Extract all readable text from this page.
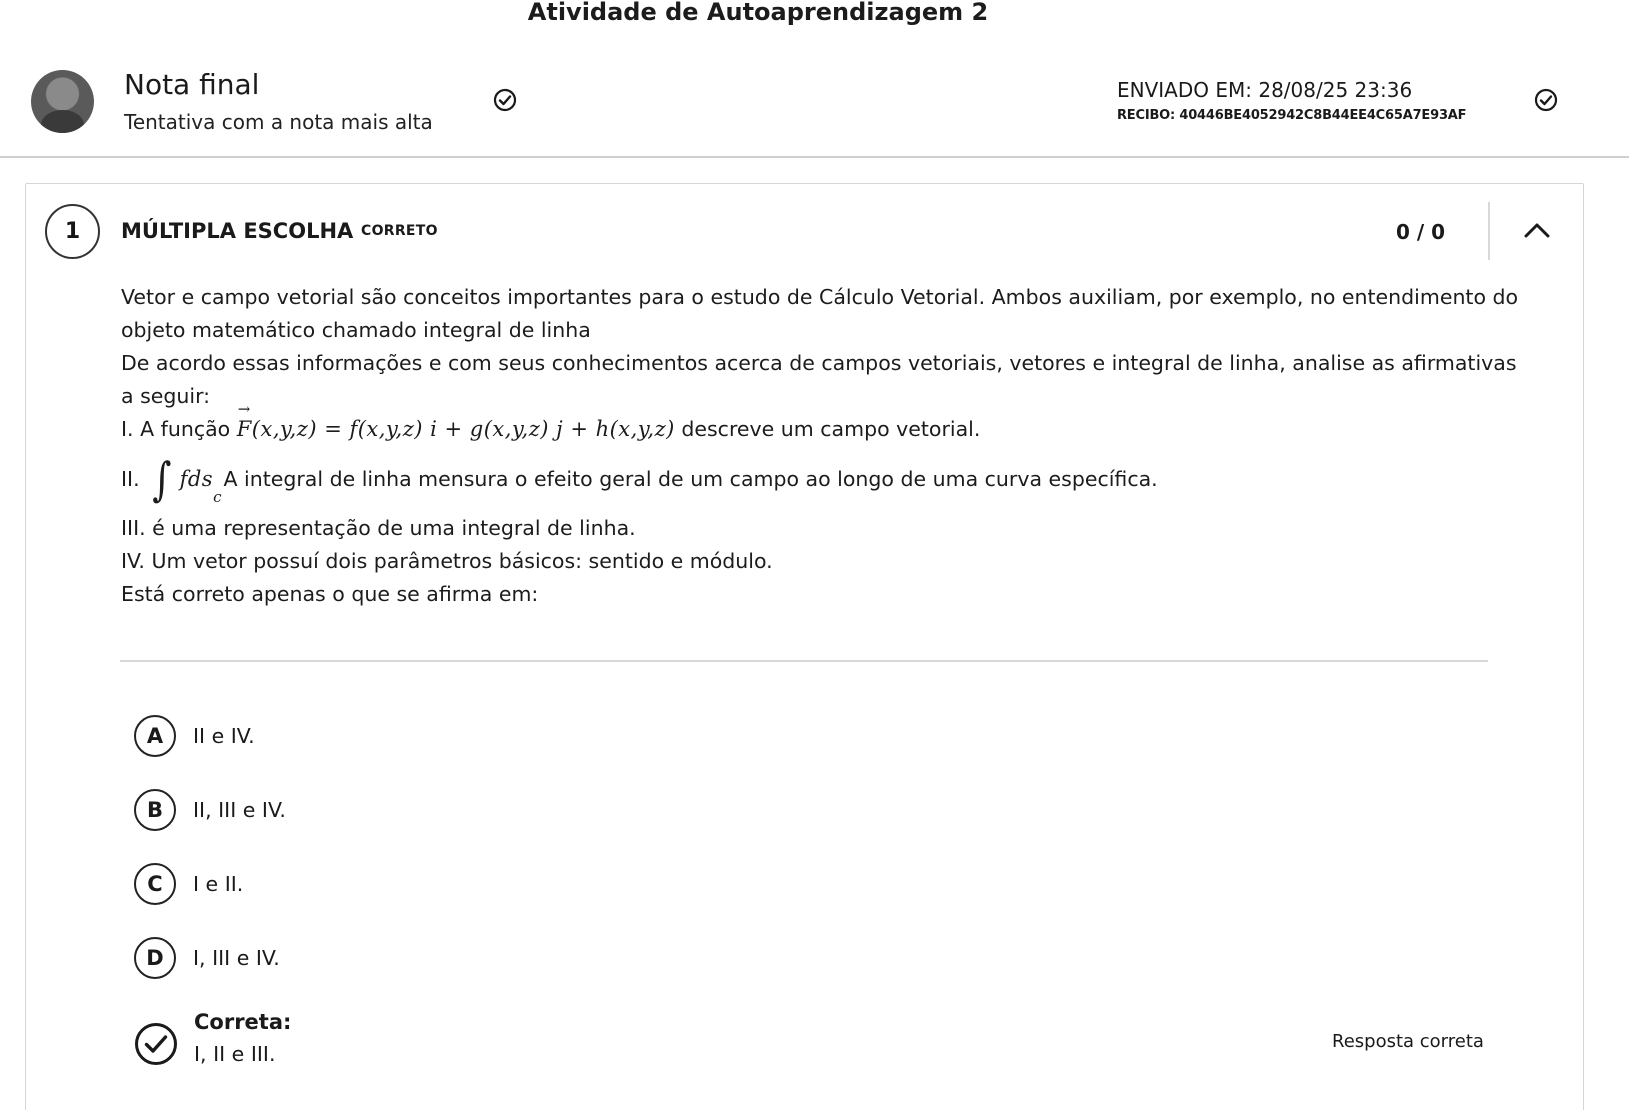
Atividade de Autoaprendizagem 2
Nota final
Tentativa com a nota mais alta
ENVIADO EM: 28/08/25 23:36
RECIBO: 40446BE4052942C8B44EE4C65A7E93AF
1	MÚLTIPLA ESCOLHA CORRETO	0 / 0

Vetor e campo vetorial são conceitos importantes para o estudo de Cálculo Vetorial. Ambos auxiliam, por exemplo, no entendimento do objeto matemático chamado integral de linha

De acordo essas informações e com seus conhecimentos acerca de campos vetoriais, vetores e integral de linha, analise as afirmativas a seguir:

I. A função → F(x,y,z) = f(x,y,z) i + g(x,y,z) j + h(x,y,z) descreve um campo vetorial.

II. ∫ fds
c
A integral de linha mensura o efeito geral de um campo ao longo de uma curva específica.

III. é uma representação de uma integral de linha.

IV. Um vetor possuí dois parâmetros básicos: sentido e módulo.

Está correto apenas o que se afirma em:

A	II e IV.
B	II, III e IV.
C	I e II.
D	I, III e IV.
Correta:
I, II e III.
Resposta correta
